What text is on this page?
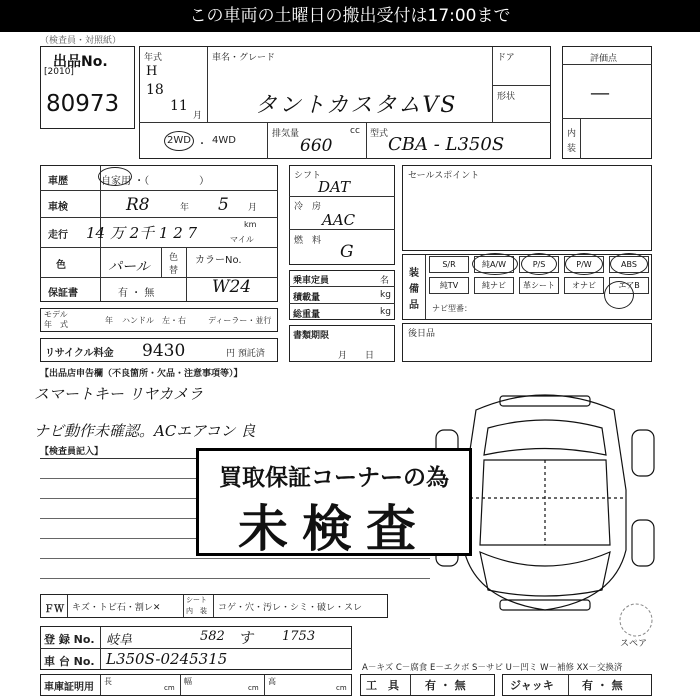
この車両の土曜日の搬出受付は17:00まで
（検査員・対照紙）
出品No.
[2010]
80973
年式
H
18
11
月
車名・グレード
タントカスタムVS
ドア
形状
2WD ・ 4WD
排気量	cc
660
型式 CBA - L350S
評価点
—
内
装
車歴	自家用 ・（　　　　　）
車検	R8	年 5 月
走行 14 万 2千 1 2 7	km
マイル
色	パール
色
替
カラーNo.
W24
保証書	有 ・ 無
モデル
年　式	年 ハンドル　左・右	ディーラー・並行
リサイクル料金 9430	円 預託済
シフト
DAT
冷　房
AAC
燃　料
G
乗車定員	名
積載量	kg
総重量	kg
書類期限
月　　日
セールスポイント
装
備
品
S/R	純A/W	P/S	P/W	ABS
純TV	純ナビ	革シート	オナビ	エアB
ナビ型番：
後日品
【出品店申告欄（不良箇所・欠品・注意事項等）】
スマートキー リヤカメラ
ナビ動作未確認。ACエアコン 良
【検査員記入】
スペア
買取保証コーナーの為
未検査
ＦＷ キズ・トビ石・割レ✕
シート
内　装 コゲ・穴・汚レ・シミ・破レ・スレ
登 録 No. 岐阜	582 す 1753
車 台 No. L350S-0245315	A－キズ C－腐食 E－エクボ S－サビ U－凹ミ W－補修 XX－交換済
車庫証明用
長
cm
幅
cm
高
cm 工　具 有 ・ 無	ジャッキ	有 ・ 無
